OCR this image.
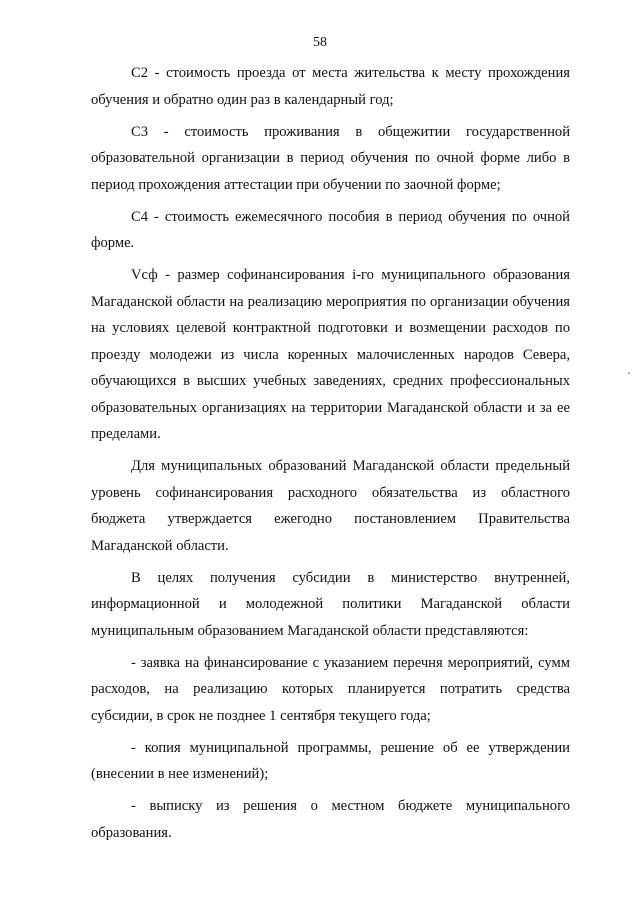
58

С2 - стоимость проезда от места жительства к месту прохождения обучения и обратно один раз в календарный год;

С3 - стоимость проживания в общежитии государственной образовательной организации в период обучения по очной форме либо в период прохождения аттестации при обучении по заочной форме;

С4 - стоимость ежемесячного пособия в период обучения по очной форме.

Vсф - размер софинансирования i-го муниципального образования Магаданской области на реализацию мероприятия по организации обучения на условиях целевой контрактной подготовки и возмещении расходов по проезду молодежи из числа коренных малочисленных народов Севера, обучающихся в высших учебных заведениях, средних профессиональных образовательных организациях на территории Магаданской области и за ее пределами.

Для муниципальных образований Магаданской области предельный уровень софинансирования расходного обязательства из областного бюджета утверждается ежегодно постановлением Правительства Магаданской области.

В целях получения субсидии в министерство внутренней, информационной и молодежной политики Магаданской области муниципальным образованием Магаданской области представляются:

- заявка на финансирование с указанием перечня мероприятий, сумм расходов, на реализацию которых планируется потратить средства субсидии, в срок не позднее 1 сентября текущего года;

- копия муниципальной программы, решение об ее утверждении (внесении в нее изменений);

- выписку из решения о местном бюджете муниципального образования.
